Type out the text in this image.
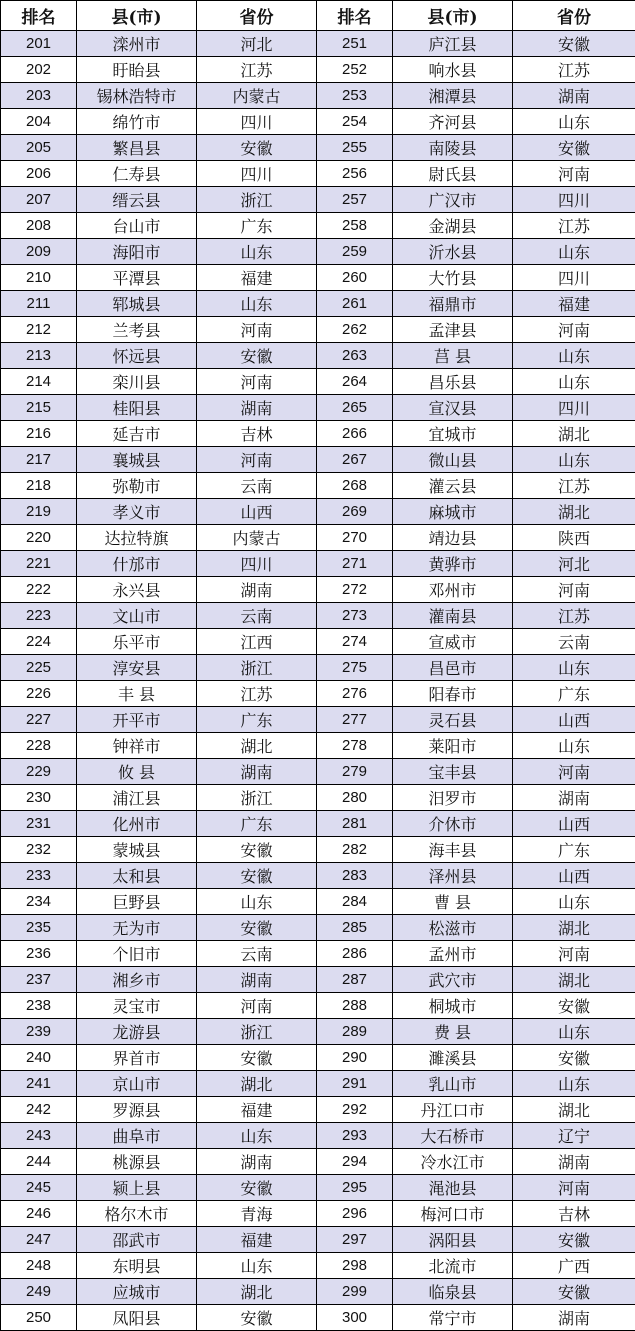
排名	县(市)	省份	排名	县(市)	省份
201	滦州市	河北	251	庐江县	安徽
202	盱眙县	江苏	252	响水县	江苏
203	锡林浩特市	内蒙古	253	湘潭县	湖南
204	绵竹市	四川	254	齐河县	山东
205	繁昌县	安徽	255	南陵县	安徽
206	仁寿县	四川	256	尉氏县	河南
207	缙云县	浙江	257	广汉市	四川
208	台山市	广东	258	金湖县	江苏
209	海阳市	山东	259	沂水县	山东
210	平潭县	福建	260	大竹县	四川
211	郓城县	山东	261	福鼎市	福建
212	兰考县	河南	262	孟津县	河南
213	怀远县	安徽	263	莒 县	山东
214	栾川县	河南	264	昌乐县	山东
215	桂阳县	湖南	265	宣汉县	四川
216	延吉市	吉林	266	宜城市	湖北
217	襄城县	河南	267	微山县	山东
218	弥勒市	云南	268	灌云县	江苏
219	孝义市	山西	269	麻城市	湖北
220	达拉特旗	内蒙古	270	靖边县	陕西
221	什邡市	四川	271	黄骅市	河北
222	永兴县	湖南	272	邓州市	河南
223	文山市	云南	273	灌南县	江苏
224	乐平市	江西	274	宣威市	云南
225	淳安县	浙江	275	昌邑市	山东
226	丰 县	江苏	276	阳春市	广东
227	开平市	广东	277	灵石县	山西
228	钟祥市	湖北	278	莱阳市	山东
229	攸 县	湖南	279	宝丰县	河南
230	浦江县	浙江	280	汨罗市	湖南
231	化州市	广东	281	介休市	山西
232	蒙城县	安徽	282	海丰县	广东
233	太和县	安徽	283	泽州县	山西
234	巨野县	山东	284	曹 县	山东
235	无为市	安徽	285	松滋市	湖北
236	个旧市	云南	286	孟州市	河南
237	湘乡市	湖南	287	武穴市	湖北
238	灵宝市	河南	288	桐城市	安徽
239	龙游县	浙江	289	费 县	山东
240	界首市	安徽	290	濉溪县	安徽
241	京山市	湖北	291	乳山市	山东
242	罗源县	福建	292	丹江口市	湖北
243	曲阜市	山东	293	大石桥市	辽宁
244	桃源县	湖南	294	冷水江市	湖南
245	颍上县	安徽	295	渑池县	河南
246	格尔木市	青海	296	梅河口市	吉林
247	邵武市	福建	297	涡阳县	安徽
248	东明县	山东	298	北流市	广西
249	应城市	湖北	299	临泉县	安徽
250	凤阳县	安徽	300	常宁市	湖南
